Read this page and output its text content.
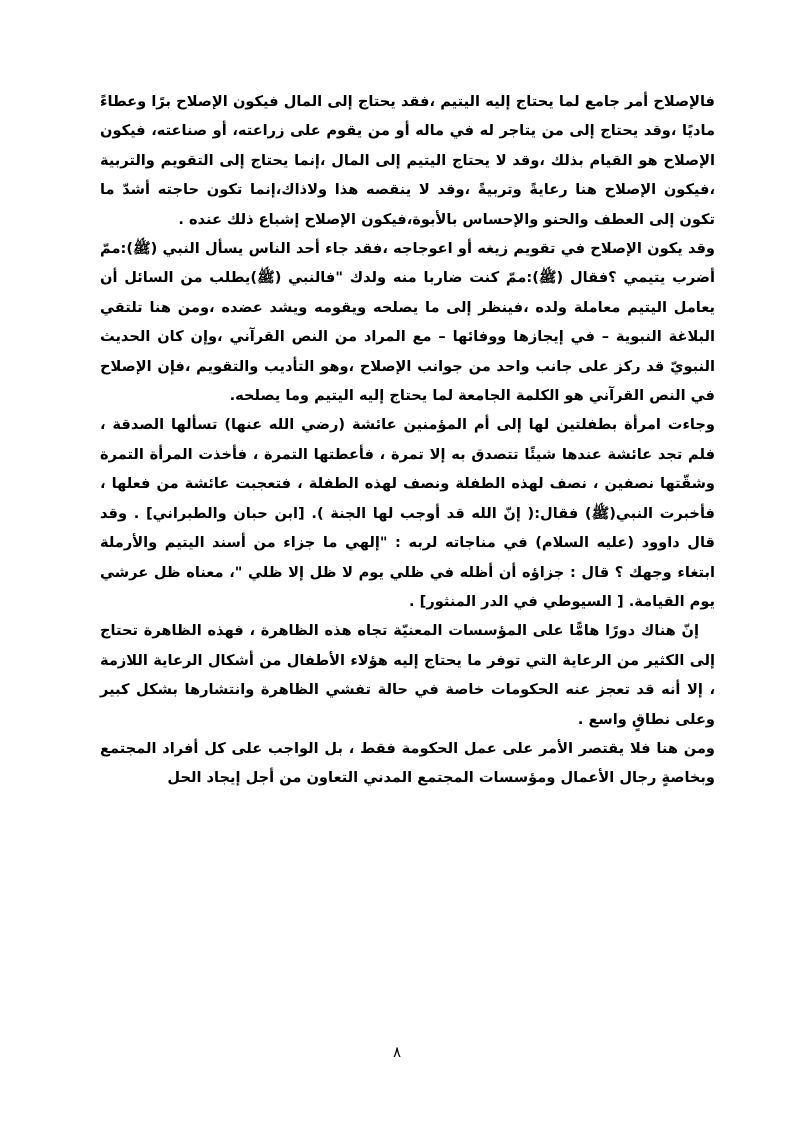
فالإصلاح أمر جامع لما يحتاج إليه اليتيم ،فقد يحتاج إلى المال فيكون الإصلاح برًا وعطاءً ماديًا ،وقد يحتاج إلى من يتاجر له في ماله أو من يقوم على زراعته، أو صناعته، فيكون الإصلاح هو القيام بذلك ،وقد لا يحتاج اليتيم إلى المال ،إنما يحتاج إلى التقويم والتربية ،فيكون الإصلاح هنا رعايةً وتربيةً ،وقد لا ينقصه هذا ولاذاك،إنما تكون حاجته أشدّ ما تكون إلى العطف والحنو والإحساس بالأبوة،فيكون الإصلاح إشباع ذلك عنده .

وقد يكون الإصلاح في تقويم زيغه أو اعوجاجه ،فقد جاء أحد الناس يسأل النبي (ﷺ):ممّ أضرب يتيمي ؟فقال (ﷺ):ممّ كنت ضاربا منه ولدك "فالنبي (ﷺ)يطلب من السائل أن يعامل اليتيم معاملة ولده ،فينظر إلى ما يصلحه ويقومه ويشد عضده ،ومن هنا تلتقي البلاغة النبوية – في إيجازها ووفائها – مع المراد من النص القرآني ،وإن كان الحديث النبويّ قد ركز على جانب واحد من جوانب الإصلاح ،وهو التأديب والتقويم ،فإن الإصلاح في النص القرآني هو الكلمة الجامعة لما يحتاج إليه اليتيم وما يصلحه.

وجاءت امرأة بطفلتين لها إلى أم المؤمنين عائشة (رضي الله عنها) تسألها الصدقة ، فلم تجد عائشة عندها شيئًا تتصدق به إلا تمرة ، فأعطتها التمرة ، فأخذت المرأة التمرة وشقّتها نصفين ، نصف لهذه الطفلة ونصف لهذه الطفلة ، فتعجبت عائشة من فعلها ، فأخبرت النبي(ﷺ) فقال:( إنّ الله قد أوجب لها الجنة ). [ابن حبان والطبراني] . وقد قال داوود (عليه السلام) في مناجاته لربه : "إلهي ما جزاء من أسند اليتيم والأرملة ابتغاء وجهك ؟ قال : جزاؤه أن أظله في ظلي يوم لا ظل إلا ظلي "، معناه ظل عرشي يوم القيامة. [ السيوطي في الدر المنثور] .

إنّ هناك دورًا هامًّا على المؤسسات المعنيّة تجاه هذه الظاهرة ، فهذه الظاهرة تحتاج إلى الكثير من الرعاية التي توفر ما يحتاج إليه هؤلاء الأطفال من أشكال الرعاية اللازمة ، إلا أنه قد تعجز عنه الحكومات خاصة في حالة تفشي الظاهرة وانتشارها بشكل كبير وعلى نطاقٍ واسع .

ومن هنا فلا يقتصر الأمر على عمل الحكومة فقط ، بل الواجب على كل أفراد المجتمع وبخاصةٍ رجال الأعمال ومؤسسات المجتمع المدني التعاون من أجل إيجاد الحل

٨
